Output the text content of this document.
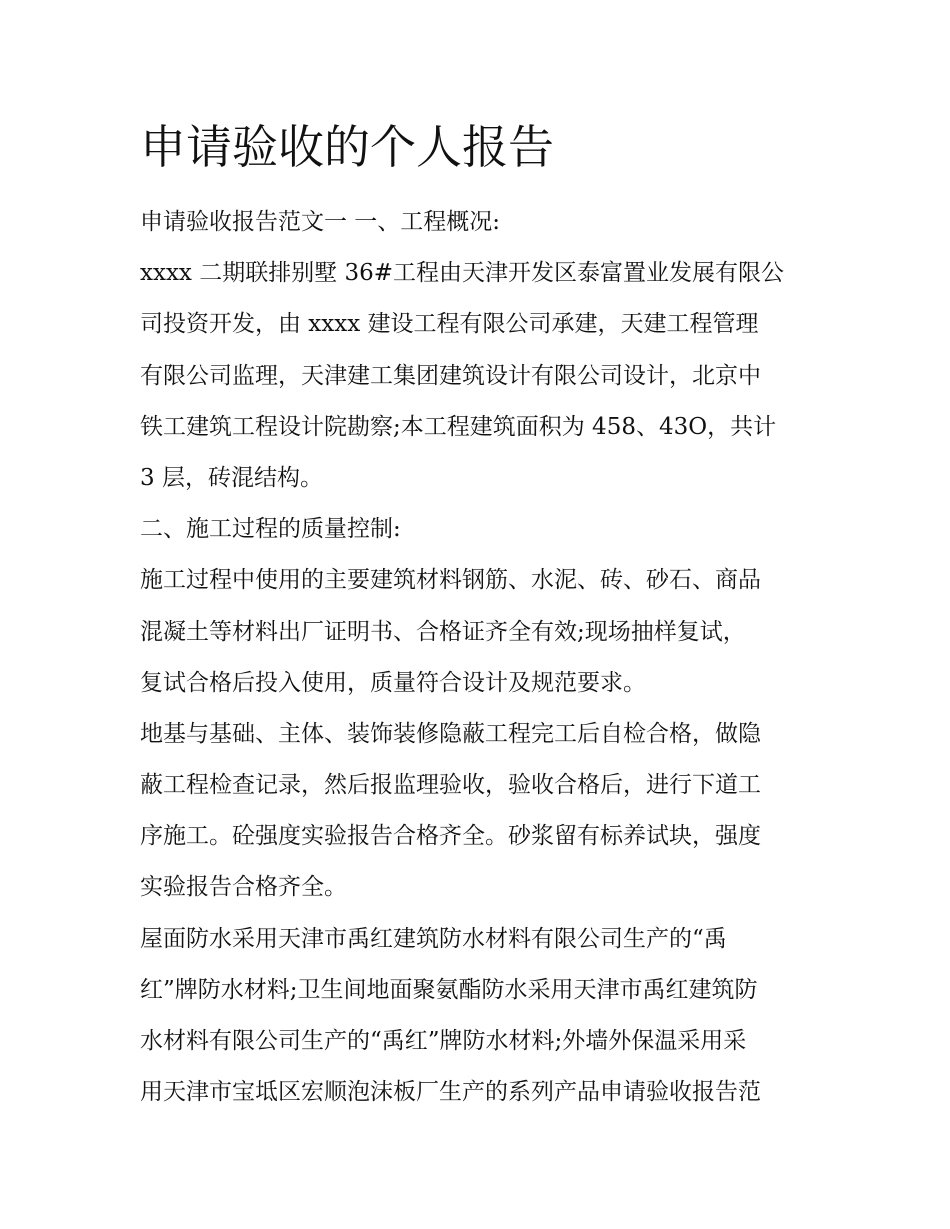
申请验收的个人报告

申请验收报告范文一 一、工程概况:

xxxx 二期联排别墅 36#工程由天津开发区泰富置业发展有限公

司投资开发，由 xxxx 建设工程有限公司承建，天建工程管理

有限公司监理，天津建工集团建筑设计有限公司设计，北京中

铁工建筑工程设计院勘察;本工程建筑面积为 458、43O，共计

3 层，砖混结构。

二、施工过程的质量控制:

施工过程中使用的主要建筑材料钢筋、水泥、砖、砂石、商品

混凝土等材料出厂证明书、合格证齐全有效;现场抽样复试，

复试合格后投入使用，质量符合设计及规范要求。

地基与基础、主体、装饰装修隐蔽工程完工后自检合格，做隐

蔽工程检查记录，然后报监理验收，验收合格后，进行下道工

序施工。砼强度实验报告合格齐全。砂浆留有标养试块，强度

实验报告合格齐全。

屋面防水采用天津市禹红建筑防水材料有限公司生产的“禹

红”牌防水材料;卫生间地面聚氨酯防水采用天津市禹红建筑防

水材料有限公司生产的“禹红”牌防水材料;外墙外保温采用采

用天津市宝坻区宏顺泡沫板厂生产的系列产品申请验收报告范
